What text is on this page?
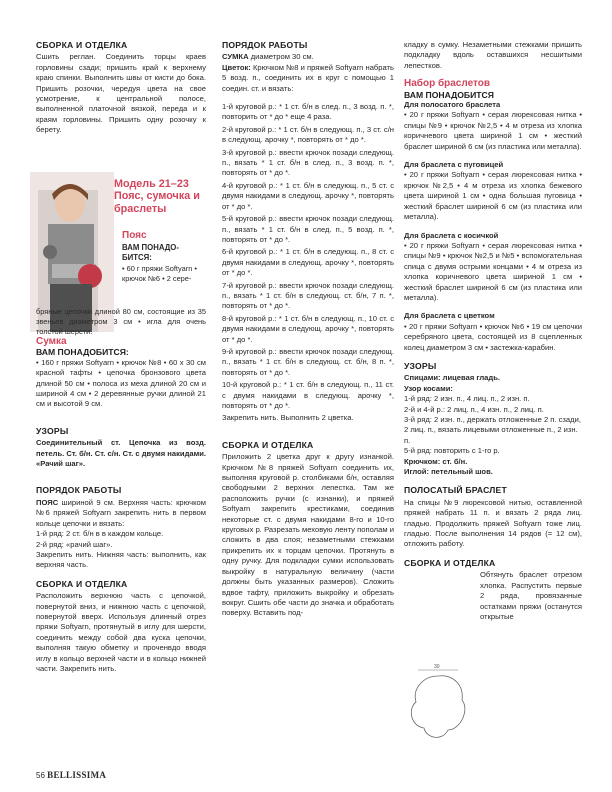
СБОРКА И ОТДЕЛКА

Сшить реглан. Соединить торцы краев горловины сзади; пришить край к верхнему краю спинки. Выполнить швы от кисти до бока. Пришить розочки, чередуя цвета на свое усмотрение, к центральной полосе, выполненной платочной вязкой, переда и к краям горловины. Пришить одну розочку к берету.

Модель 21–23 Пояс, сумочка и браслеты
Пояс
ВАМ ПОНАДО-БИТСЯ:
• 60 г пряжи Softyarn • крючок №6 • 2 сере-
бряные цепочки длиной 80 см, состоящие из 35 звеньев диаметром 3 см • игла для очень толстой шерсти.
Сумка
ВАМ ПОНАДОБИТСЯ:

• 160 г пряжи Softyarn • крючок №8 • 60 x 30 см красной тафты • цепочка бронзового цвета длиной 50 см • полоса из меха длиной 20 см и шириной 4 см • 2 деревянные ручки длиной 21 см и высотой 9 см.

УЗОРЫ

Соединительный ст. Цепочка из возд. петель. Ст. б/н. Ст. с/н. Ст. с двумя накидами. «Рачий шаг».

ПОРЯДОК РАБОТЫ

ПОЯС шириной 9 см. Верхняя часть: крючком №6 пряжей Softyarn закрепить нить в первом кольце цепочки и вязать:

1-й ряд: 2 ст. б/н в в каждом кольце.
2-й ряд: «рачий шаг».

Закрепить нить. Нижняя часть: выполнить, как верхняя часть.

СБОРКА И ОТДЕЛКА

Расположить верхнюю часть с цепочкой, повернутой вниз, и нижнюю часть с цепочкой, повернутой вверх. Используя длинный отрез пряжи Softyarn, протянутый в иглу для шерсти, соединить между собой два куска цепочки, выполняя такую обметку и проченвдо вводя иглу в кольцо верхней части и в кольцо нижней части. Закрепить нить.

ПОРЯДОК РАБОТЫ
СУМКА диаметром 30 см.

Цветок: Крючком №8 и пряжей Softyarn набрать 5 возд. п., соединить их в круг с помощью 1 соедин. ст. и вязать:

1-й круговой р.: * 1 ст. б/н в след. п., 3 возд. п. *, повторить от * до * еще 4 раза.

2-й круговой р.: * 1 ст. б/н в следующ. п., 3 ст. с/н в следующ. арочку *, повторять от * до *.

3-й круговой р.: ввести крючок позади следующ. п., вязать * 1 ст. б/н в след. п., 3 возд. п. *, повторять от * до *.

4-й круговой р.: * 1 ст. б/н в следующ. п., 5 ст. с двумя накидами в следующ. арочку *, повторять от * до *.

5-й круговой р.: ввести крючок позади следующ. п., вязать * 1 ст. б/н в след. п., 5 возд. п. *, повторять от * до *.

6-й круговой р.: * 1 ст. б/н в следующ. п., 8 ст. с двумя накидами в следующ. арочку *, повторять от * до *.

7-й круговой р.: ввести крючок позади следующ. п., вязать * 1 ст. б/н в следующ. ст. б/н, 7 п. *, повторять от * до *.

8-й круговой р.: * 1 ст. б/н в следующ. п., 10 ст. с двумя накидами в следующ. арочку *, повторять от * до *.

9-й круговой р.: ввести крючок позади следующ. п., вязать * 1 ст. б/н в следующ. ст. б/н, 8 п. *, повторять от * до *.

10-й круговой р.: * 1 ст. б/н в следующ. п., 11 ст. с двумя накидами в следующ. арочку *, повторять от * до *.

Закрепить нить. Выполнить 2 цветка.

СБОРКА И ОТДЕЛКА

Приложить 2 цветка друг к другу изнанкой. Крючком №8 пряжей Softyarn соединить их, выполняя круговой р. столбиками б/н, оставляя свободными 2 верхних лепестка. Там же расположить ручки (с изнанки), и пряжей Softyarn закрепить крестиками, соединив некоторые ст. с двумя накидами 8-го и 10-го круговых р. Разрезать меховую ленту пополам и сложить в два слоя; незаметными стежками прикрепить их к торцам цепочки. Протянуть в одну ручку. Для подкладки сумки использовать выкройку в натуральную величину (части должны быть указанных размеров). Сложить вдвое тафту, приложить выкройку и обрезать вокруг. Сшить обе части до значка и обработать поверху. Вставить под-

кладку в сумку. Незаметными стежками пришить подкладку вдоль оставшихся несшитыми лепестков.

Набор браслетов
ВАМ ПОНАДОБИТСЯ
Для полосатого браслета

• 20 г пряжи Softyarn • серая люрексовая нитка • спицы №9 • крючок №2,5 • 4 м отреза из хлопка коричневого цвета шириной 1 см • жесткий браслет шириной 6 см (из пластика или металла).

Для браслета с пуговицей

• 20 г пряжи Softyarn • серая люрексовая нитка • крючок №2,5 • 4 м отреза из хлопка бежевого цвета шириной 1 см • одна большая пуговица • жесткий браслет шириной 6 см (из пластика или металла).

Для браслета с косичкой

• 20 г пряжи Softyarn • серая люрексовая нитка • спицы №9 • крючок №2,5 и №5 • вспомогательная спица с двумя острыми концами • 4 м отреза из хлопка коричневого цвета шириной 1 см • жесткий браслет шириной 6 см (из пластика или металла).

Для браслета с цветком

• 20 г пряжи Softyarn • крючок №6 • 19 см цепочки серебряного цвета, состоящей из 8 сцепленных колец диаметром 3 см • застежка-карабин.

УЗОРЫ
Спицами: лицевая гладь.
Узор косами:
1-й ряд: 2 изн. п., 4 лиц. п., 2 изн. п.
2-й и 4-й р.: 2 лиц. п., 4 изн. п., 2 лиц. п.
3-й ряд: 2 изн. п., держать отложенные 2 п. сзади, 2 лиц. п., вязать лицевыми отложенные п., 2 изн. п.
5-й ряд: повторить с 1-го р.
Крючком: ст. б/н.
Иглой: петельный шов.
ПОЛОСАТЫЙ БРАСЛЕТ

На спицы №9 люрексовой нитью, оставленной пряжей набрать 11 п. и вязать 2 ряда лиц. гладью. Продолжить пряжей Softyarn тоже лиц. гладью. После выполнения 14 рядов (= 12 см), отложить работу.

СБОРКА И ОТДЕЛКА

Обтянуть браслет отрезом хлопка. Распустить первые 2 ряда, провязанные остатками пряжи (останутся открытые

30
56 BELLISSIMA
